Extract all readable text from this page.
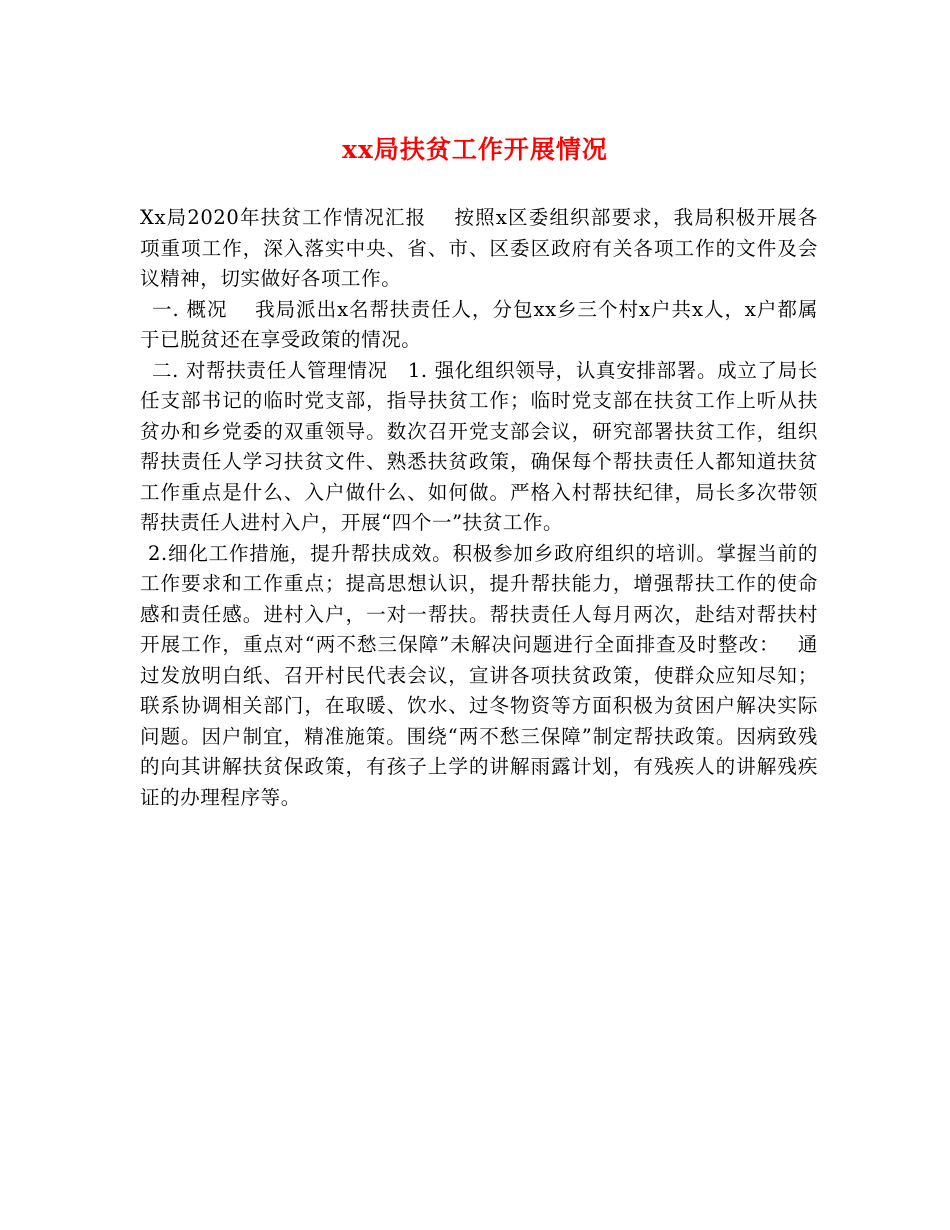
xx局扶贫工作开展情况

Xx局2020年扶贫工作情况汇报　 按照x区委组织部要求，我局积极开展各项重项工作，深入落实中央、省、市、区委区政府有关各项工作的文件及会议精神，切实做好各项工作。

一. 概况　 我局派出x名帮扶责任人，分包xx乡三个村x户共x人，x户都属于已脱贫还在享受政策的情况。

二. 对帮扶责任人管理情况　1. 强化组织领导，认真安排部署。成立了局长任支部书记的临时党支部，指导扶贫工作；临时党支部在扶贫工作上听从扶贫办和乡党委的双重领导。数次召开党支部会议，研究部署扶贫工作，组织帮扶责任人学习扶贫文件、熟悉扶贫政策，确保每个帮扶责任人都知道扶贫工作重点是什么、入户做什么、如何做。严格入村帮扶纪律，局长多次带领帮扶责任人进村入户，开展“四个一”扶贫工作。

2.细化工作措施，提升帮扶成效。积极参加乡政府组织的培训。掌握当前的工作要求和工作重点；提高思想认识，提升帮扶能力，增强帮扶工作的使命感和责任感。进村入户，一对一帮扶。帮扶责任人每月两次，赴结对帮扶村开展工作，重点对“两不愁三保障”未解决问题进行全面排查及时整改：　 通过发放明白纸、召开村民代表会议，宣讲各项扶贫政策，使群众应知尽知；联系协调相关部门，在取暖、饮水、过冬物资等方面积极为贫困户解决实际问题。因户制宜，精准施策。围绕“两不愁三保障”制定帮扶政策。因病致残的向其讲解扶贫保政策，有孩子上学的讲解雨露计划，有残疾人的讲解残疾证的办理程序等。
